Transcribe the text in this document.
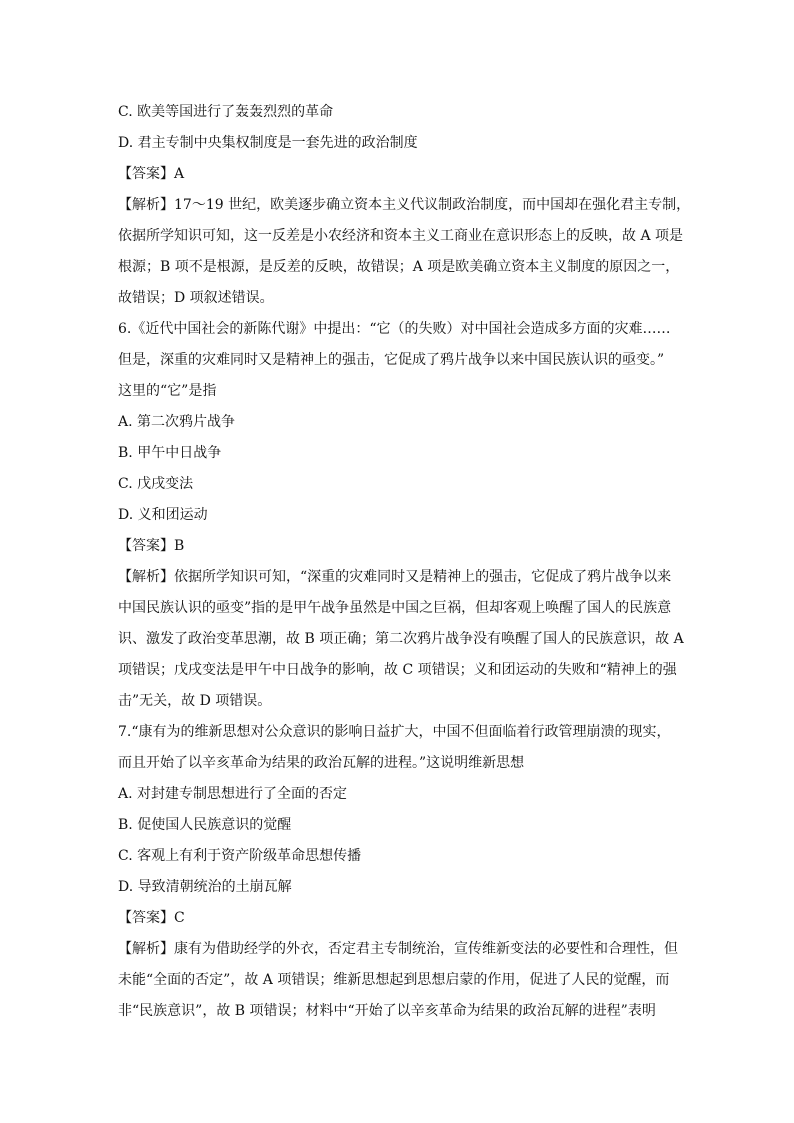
C. 欧美等国进行了轰轰烈烈的革命
D. 君主专制中央集权制度是一套先进的政治制度
【答案】A
【解析】17～19 世纪，欧美逐步确立资本主义代议制政治制度，而中国却在强化君主专制，
依据所学知识可知，这一反差是小农经济和资本主义工商业在意识形态上的反映，故 A 项是
根源；B 项不是根源，是反差的反映，故错误；A 项是欧美确立资本主义制度的原因之一，
故错误；D 项叙述错误。
6.《近代中国社会的新陈代谢》中提出：“它（的失败）对中国社会造成多方面的灾难……
但是，深重的灾难同时又是精神上的强击，它促成了鸦片战争以来中国民族认识的亟变。”
这里的“它”是指
A. 第二次鸦片战争
B. 甲午中日战争
C. 戊戌变法
D. 义和团运动
【答案】B
【解析】依据所学知识可知，“深重的灾难同时又是精神上的强击，它促成了鸦片战争以来
中国民族认识的亟变”指的是甲午战争虽然是中国之巨祸，但却客观上唤醒了国人的民族意
识、激发了政治变革思潮，故 B 项正确；第二次鸦片战争没有唤醒了国人的民族意识，故 A
项错误；戊戌变法是甲午中日战争的影响，故 C 项错误；义和团运动的失败和“精神上的强
击”无关，故 D 项错误。
7.“康有为的维新思想对公众意识的影响日益扩大，中国不但面临着行政管理崩溃的现实，
而且开始了以辛亥革命为结果的政治瓦解的进程。”这说明维新思想
A. 对封建专制思想进行了全面的否定
B. 促使国人民族意识的觉醒
C. 客观上有利于资产阶级革命思想传播
D. 导致清朝统治的土崩瓦解
【答案】C
【解析】康有为借助经学的外衣，否定君主专制统治，宣传维新变法的必要性和合理性，但
未能“全面的否定”，故 A 项错误；维新思想起到思想启蒙的作用，促进了人民的觉醒，而
非“民族意识”，故 B 项错误；材料中“开始了以辛亥革命为结果的政治瓦解的进程”表明
